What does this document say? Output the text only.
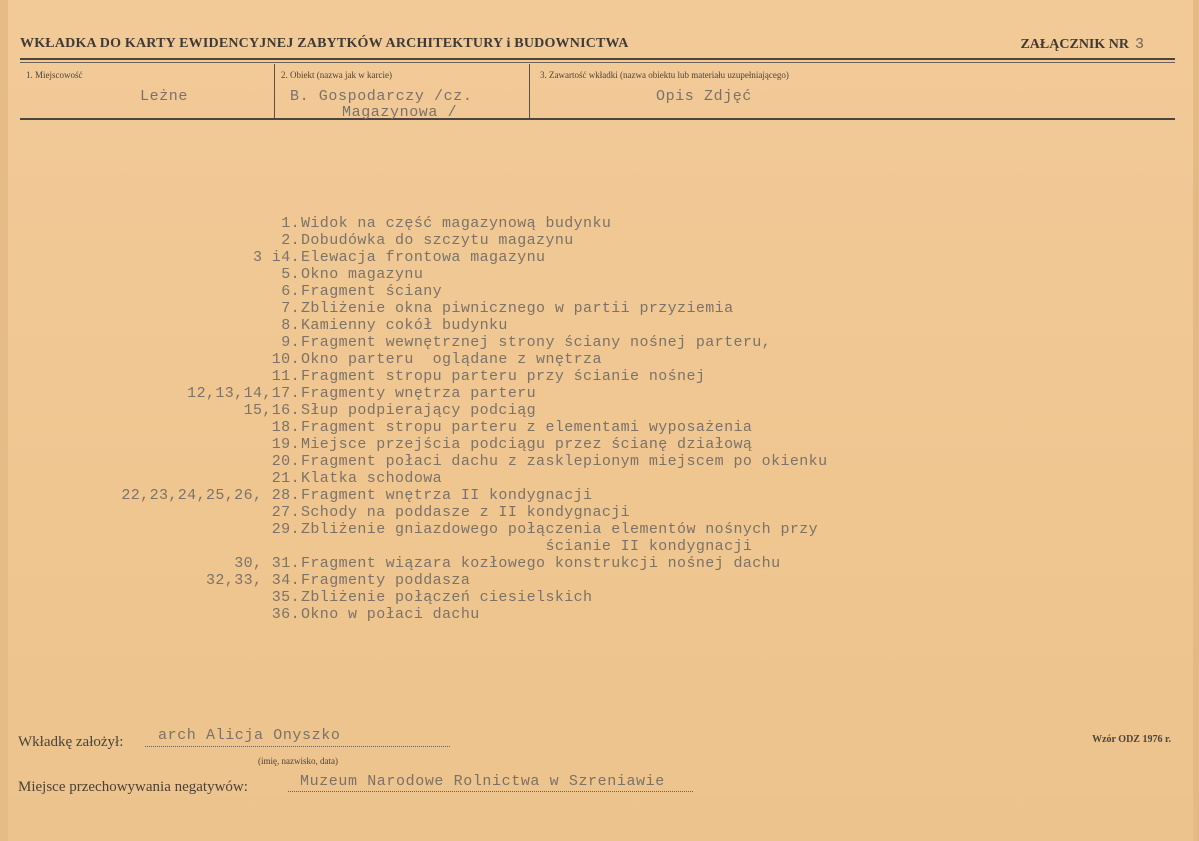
WKŁADKA DO KARTY EWIDENCYJNEJ ZABYTKÓW ARCHITEKTURY i BUDOWNICTWA	ZAŁĄCZNIK NR 3
1. Miejscowość
Leżne
2. Obiekt (nazwa jak w karcie)
B. Gospodarczy /cz.
Magazynowa /
3. Zawartość wkładki (nazwa obiektu lub materiału uzupełniającego)
Opis Zdjęć
1. Widok na część magazynową budynku
2. Dobudówka do szczytu magazynu
3 i4. Elewacja frontowa magazynu
5. Okno magazynu
6. Fragment ściany
7. Zbliżenie okna piwnicznego w partii przyziemia
8. Kamienny cokół budynku
9. Fragment wewnętrznej strony ściany nośnej parteru,
10. Okno parteru  oglądane z wnętrza
11. Fragment stropu parteru przy ścianie nośnej
12,13,14,17. Fragmenty wnętrza parteru
15,16. Słup podpierający podciąg
18. Fragment stropu parteru z elementami wyposażenia
19. Miejsce przejścia podciągu przez ścianę działową
20. Fragment połaci dachu z zasklepionym miejscem po okienku
21. Klatka schodowa
22,23,24,25,26, 28. Fragment wnętrza II kondygnacji
27. Schody na poddasze z II kondygnacji
29. Zbliżenie gniazdowego połączenia elementów nośnych przy
ścianie II kondygnacji
30, 31. Fragment wiązara kozłowego konstrukcji nośnej dachu
32,33, 34. Fragmenty poddasza
35. Zbliżenie połączeń ciesielskich
36. Okno w połaci dachu
Wkładkę założył: arch Alicja Onyszko
(imię, nazwisko, data)
Miejsce przechowywania negatywów:	Muzeum Narodowe Rolnictwa w Szreniawie
Wzór ODZ 1976 r.
